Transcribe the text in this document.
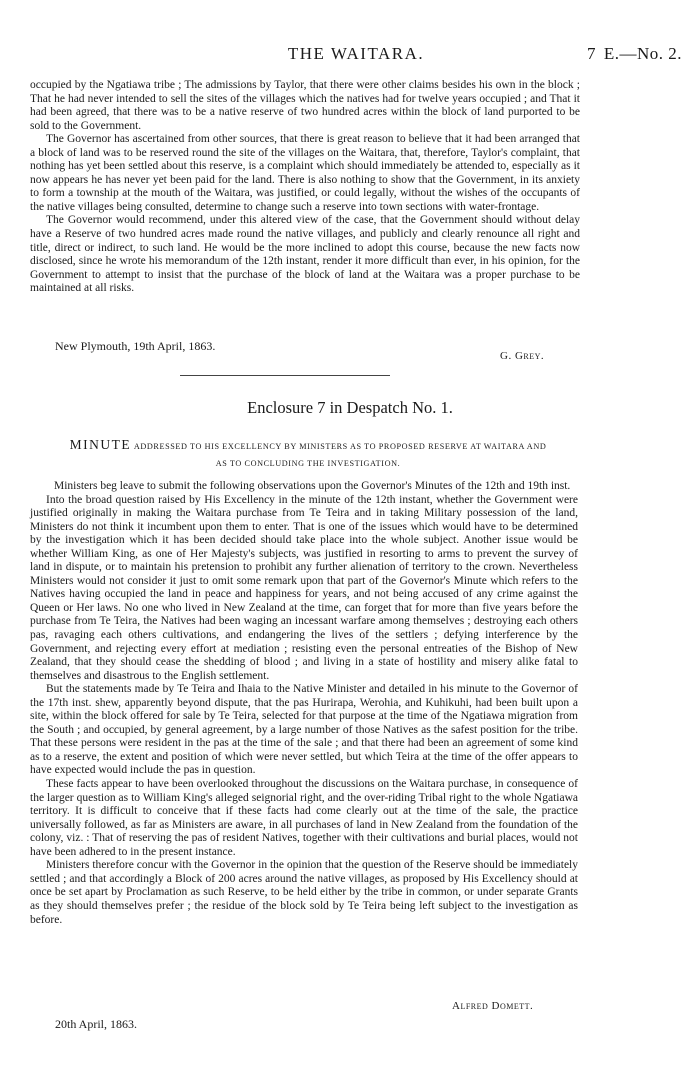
THE WAITARA.	7 E.—No. 2.

occupied by the Ngatiawa tribe ; The admissions by Taylor, that there were other claims besides his own in the block ; That he had never intended to sell the sites of the villages which the natives had for twelve years occupied ; and That it had been agreed, that there was to be a native reserve of two hundred acres within the block of land purported to be sold to the Government.

The Governor has ascertained from other sources, that there is great reason to believe that it had been arranged that a block of land was to be reserved round the site of the villages on the Waitara, that, therefore, Taylor's complaint, that nothing has yet been settled about this reserve, is a complaint which should immediately be attended to, especially as it now appears he has never yet been paid for the land. There is also nothing to show that the Government, in its anxiety to form a township at the mouth of the Waitara, was justified, or could legally, without the wishes of the occupants of the native villages being consulted, determine to change such a reserve into town sections with water-frontage.

The Governor would recommend, under this altered view of the case, that the Government should without delay have a Reserve of two hundred acres made round the native villages, and publicly and clearly renounce all right and title, direct or indirect, to such land. He would be the more inclined to adopt this course, because the new facts now disclosed, since he wrote his memorandum of the 12th instant, render it more difficult than ever, in his opinion, for the Government to attempt to insist that the purchase of the block of land at the Waitara was a proper purchase to be maintained at all risks.

New Plymouth, 19th April, 1863.
G. Grey.
Enclosure 7 in Despatch No. 1.
MINUTE ADDRESSED TO HIS EXCELLENCY BY MINISTERS AS TO PROPOSED RESERVE AT WAITARA AND
AS TO CONCLUDING THE INVESTIGATION.

Ministers beg leave to submit the following observations upon the Governor's Minutes of the 12th and 19th inst.

Into the broad question raised by His Excellency in the minute of the 12th instant, whether the Government were justified originally in making the Waitara purchase from Te Teira and in taking Military possession of the land, Ministers do not think it incumbent upon them to enter. That is one of the issues which would have to be determined by the investigation which it has been decided should take place into the whole subject. Another issue would be whether William King, as one of Her Majesty's subjects, was justified in resorting to arms to prevent the survey of land in dispute, or to maintain his pretension to prohibit any further alienation of territory to the crown. Nevertheless Ministers would not consider it just to omit some remark upon that part of the Governor's Minute which refers to the Natives having occupied the land in peace and happiness for years, and not being accused of any crime against the Queen or Her laws. No one who lived in New Zealand at the time, can forget that for more than five years before the purchase from Te Teira, the Natives had been waging an incessant warfare among themselves ; destroying each others pas, ravaging each others cultivations, and endangering the lives of the settlers ; defying interference by the Government, and rejecting every effort at mediation ; resisting even the personal entreaties of the Bishop of New Zealand, that they should cease the shedding of blood ; and living in a state of hostility and misery alike fatal to themselves and disastrous to the English settlement.

But the statements made by Te Teira and Ihaia to the Native Minister and detailed in his minute to the Governor of the 17th inst. shew, apparently beyond dispute, that the pas Hurirapa, Werohia, and Kuhikuhi, had been built upon a site, within the block offered for sale by Te Teira, selected for that purpose at the time of the Ngatiawa migration from the South ; and occupied, by general agreement, by a large number of those Natives as the safest position for the tribe. That these persons were resident in the pas at the time of the sale ; and that there had been an agreement of some kind as to a reserve, the extent and position of which were never settled, but which Teira at the time of the offer appears to have expected would include the pas in question.

These facts appear to have been overlooked throughout the discussions on the Waitara purchase, in consequence of the larger question as to William King's alleged seignorial right, and the over-riding Tribal right to the whole Ngatiawa territory. It is difficult to conceive that if these facts had come clearly out at the time of the sale, the practice universally followed, as far as Ministers are aware, in all purchases of land in New Zealand from the foundation of the colony, viz. : That of reserving the pas of resident Natives, together with their cultivations and burial places, would not have been adhered to in the present instance.

Ministers therefore concur with the Governor in the opinion that the question of the Reserve should be immediately settled ; and that accordingly a Block of 200 acres around the native villages, as proposed by His Excellency should at once be set apart by Proclamation as such Reserve, to be held either by the tribe in common, or under separate Grants as they should themselves prefer ; the residue of the block sold by Te Teira being left subject to the investigation as before.

Alfred Domett.
20th April, 1863.
